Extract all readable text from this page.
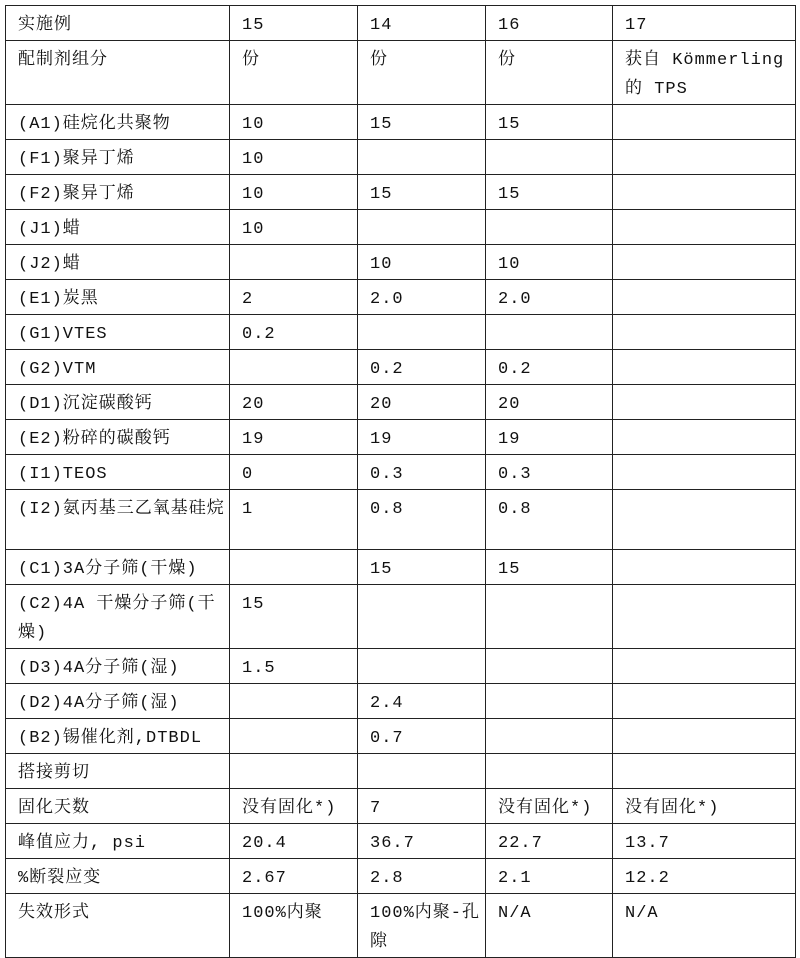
实施例	15	14	16	17
配制剂组分	份	份	份	获自 Kömmerling的 TPS
(A1)硅烷化共聚物	10	15	15	
(F1)聚异丁烯	10			
(F2)聚异丁烯	10	15	15	
(J1)蜡	10			
(J2)蜡		10	10	
(E1)炭黑	2	2.0	2.0	
(G1)VTES	0.2			
(G2)VTM		0.2	0.2	
(D1)沉淀碳酸钙	20	20	20	
(E2)粉碎的碳酸钙	19	19	19	
(I1)TEOS	0	0.3	0.3	
(I2)氨丙基三乙氧基硅烷	1	0.8	0.8	
(C1)3A分子筛(干燥)		15	15	
(C2)4A 干燥分子筛(干燥)	15			
(D3)4A分子筛(湿)	1.5			
(D2)4A分子筛(湿)		2.4		
(B2)锡催化剂,DTBDL		0.7		
搭接剪切				
固化天数	没有固化*)	7	没有固化*)	没有固化*)
峰值应力, psi	20.4	36.7	22.7	13.7
%断裂应变	2.67	2.8	2.1	12.2
失效形式	100%内聚	100%内聚-孔隙	N/A	N/A
